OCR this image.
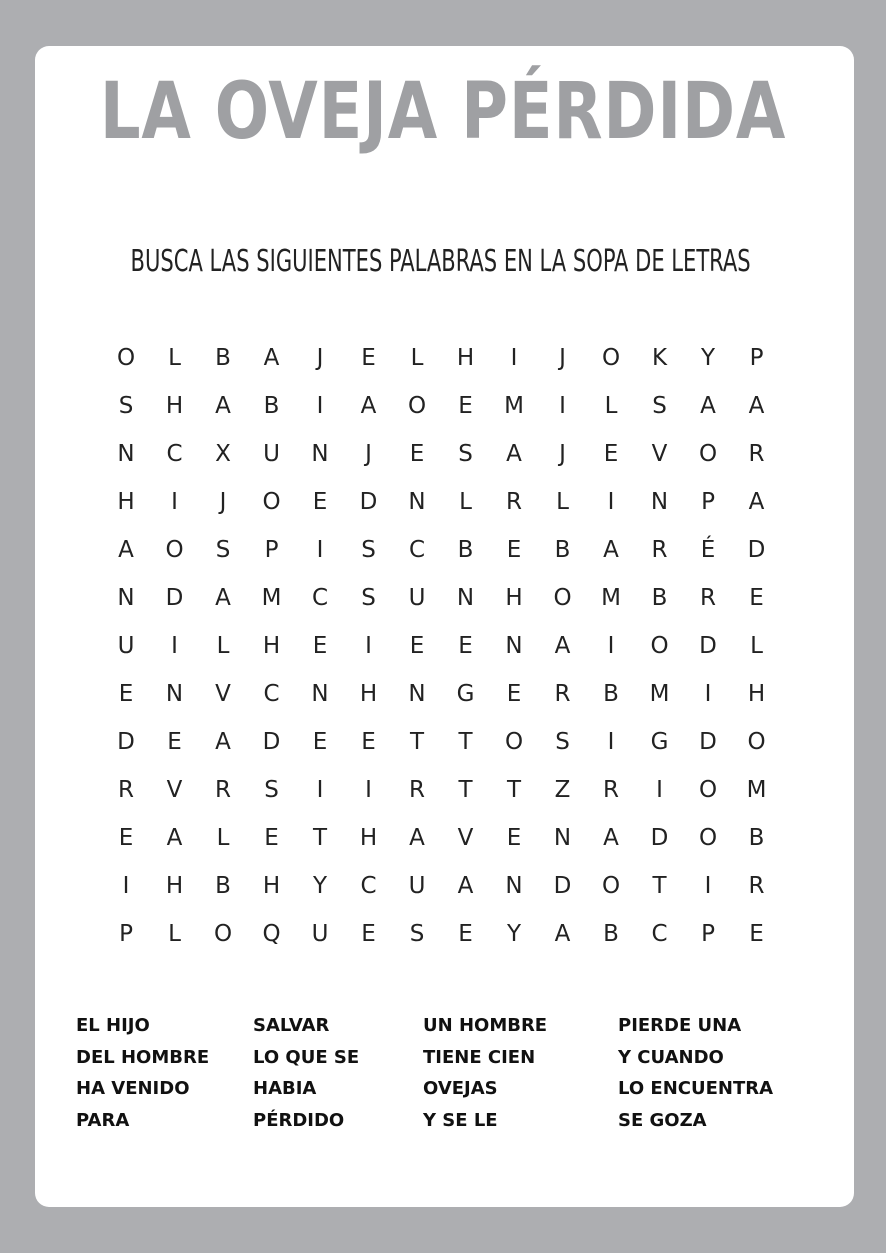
LA OVEJA PÉRDIDA
BUSCA LAS SIGUIENTES PALABRAS EN LA SOPA DE LETRAS
O	L	B	A	J	E	L	H	I	J	O	K	Y	P
S	H	A	B	I	A	O	E	M	I	L	S	A	A
N	C	X	U	N	J	E	S	A	J	E	V	O	R
H	I	J	O	E	D	N	L	R	L	I	N	P	A
A	O	S	P	I	S	C	B	E	B	A	R	É	D
N	D	A	M	C	S	U	N	H	O	M	B	R	E
U	I	L	H	E	I	E	E	N	A	I	O	D	L
E	N	V	C	N	H	N	G	E	R	B	M	I	H
D	E	A	D	E	E	T	T	O	S	I	G	D	O
R	V	R	S	I	I	R	T	T	Z	R	I	O	M
E	A	L	E	T	H	A	V	E	N	A	D	O	B
I	H	B	H	Y	C	U	A	N	D	O	T	I	R
P	L	O	Q	U	E	S	E	Y	A	B	C	P	E
EL HIJO
DEL HOMBRE
HA VENIDO
PARA
SALVAR
LO QUE SE
HABIA
PÉRDIDO
UN HOMBRE
TIENE CIEN
OVEJAS
Y SE LE
PIERDE UNA
Y CUANDO
LO ENCUENTRA
SE GOZA
